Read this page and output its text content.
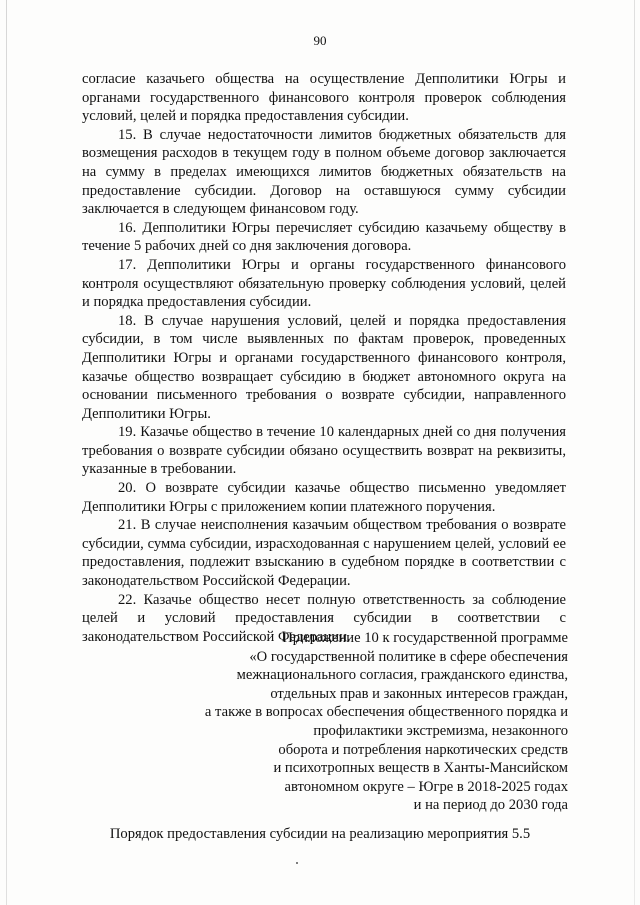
90

согласие казачьего общества на осуществление Депполитики Югры и органами государственного финансового контроля проверок соблюдения условий, целей и порядка предоставления субсидии.

15. В случае недостаточности лимитов бюджетных обязательств для возмещения расходов в текущем году в полном объеме договор заключается на сумму в пределах имеющихся лимитов бюджетных обязательств на предоставление субсидии. Договор на оставшуюся сумму субсидии заключается в следующем финансовом году.

16. Депполитики Югры перечисляет субсидию казачьему обществу в течение 5 рабочих дней со дня заключения договора.

17. Депполитики Югры и органы государственного финансового контроля осуществляют обязательную проверку соблюдения условий, целей и порядка предоставления субсидии.

18. В случае нарушения условий, целей и порядка предоставления субсидии, в том числе выявленных по фактам проверок, проведенных Депполитики Югры и органами государственного финансового контроля, казачье общество возвращает субсидию в бюджет автономного округа на основании письменного требования о возврате субсидии, направленного Депполитики Югры.

19. Казачье общество в течение 10 календарных дней со дня получения требования о возврате субсидии обязано осуществить возврат на реквизиты, указанные в требовании.

20. О возврате субсидии казачье общество письменно уведомляет Депполитики Югры с приложением копии платежного поручения.

21. В случае неисполнения казачьим обществом требования о возврате субсидии, сумма субсидии, израсходованная с нарушением целей, условий ее предоставления, подлежит взысканию в судебном порядке в соответствии с законодательством Российской Федерации.

22. Казачье общество несет полную ответственность за соблюдение целей и условий предоставления субсидии в соответствии с законодательством Российской Федерации.

Приложение 10 к государственной программе
«О государственной политике в сфере обеспечения
межнационального согласия, гражданского единства,
отдельных прав и законных интересов граждан,
а также в вопросах обеспечения общественного порядка и
профилактики экстремизма, незаконного
оборота и потребления наркотических средств
и психотропных веществ в Ханты-Мансийском
автономном округе – Югре в 2018-2025 годах
и на период до 2030 года
Порядок предоставления субсидии на реализацию мероприятия 5.5
